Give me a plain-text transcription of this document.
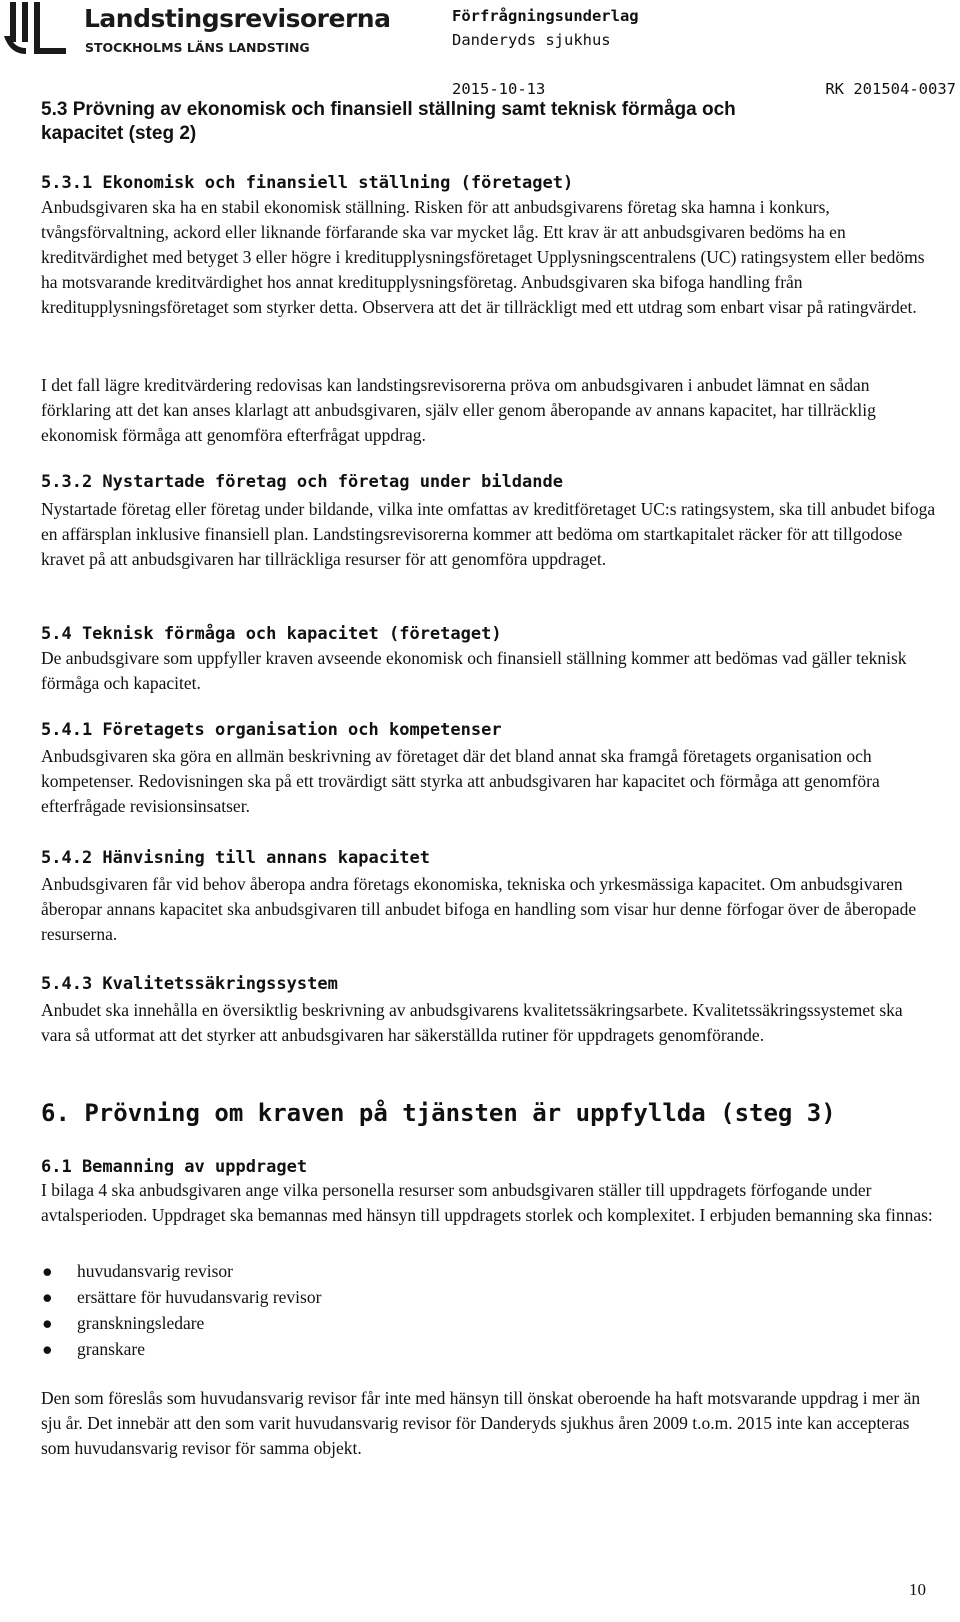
Landstingsrevisorerna
STOCKHOLMS LÄNS LANDSTING
Förfrågningsunderlag
Danderyds sjukhus
2015-10-13	RK 201504-0037
5.3 Prövning av ekonomisk och finansiell ställning samt teknisk förmåga och
kapacitet (steg 2)
5.3.1 Ekonomisk och finansiell ställning (företaget)

Anbudsgivaren ska ha en stabil ekonomisk ställning. Risken för att anbudsgivarens företag ska hamna i konkurs, tvångsförvaltning, ackord eller liknande förfarande ska var mycket låg. Ett krav är att anbudsgivaren bedöms ha en kreditvärdighet med betyget 3 eller högre i kreditupplysningsföretaget Upplysningscentralens (UC) ratingsystem eller bedöms ha motsvarande kreditvärdighet hos annat kreditupplysningsföretag. Anbudsgivaren ska bifoga handling från kreditupplysningsföretaget som styrker detta. Observera att det är tillräckligt med ett utdrag som enbart visar på ratingvärdet.

I det fall lägre kreditvärdering redovisas kan landstingsrevisorerna pröva om anbudsgivaren i anbudet lämnat en sådan förklaring att det kan anses klarlagt att anbudsgivaren, själv eller genom åberopande av annans kapacitet, har tillräcklig ekonomisk förmåga att genomföra efterfrågat uppdrag.

5.3.2 Nystartade företag och företag under bildande

Nystartade företag eller företag under bildande, vilka inte omfattas av kreditföretaget UC:s ratingsystem, ska till anbudet bifoga en affärsplan inklusive finansiell plan. Landstingsrevisorerna kommer att bedöma om startkapitalet räcker för att tillgodose kravet på att anbudsgivaren har tillräckliga resurser för att genomföra uppdraget.

5.4 Teknisk förmåga och kapacitet (företaget)

De anbudsgivare som uppfyller kraven avseende ekonomisk och finansiell ställning kommer att bedömas vad gäller teknisk förmåga och kapacitet.

5.4.1 Företagets organisation och kompetenser

Anbudsgivaren ska göra en allmän beskrivning av företaget där det bland annat ska framgå företagets organisation och kompetenser. Redovisningen ska på ett trovärdigt sätt styrka att anbudsgivaren har kapacitet och förmåga att genomföra efterfrågade revisionsinsatser.

5.4.2 Hänvisning till annans kapacitet

Anbudsgivaren får vid behov åberopa andra företags ekonomiska, tekniska och yrkesmässiga kapacitet. Om anbudsgivaren åberopar annans kapacitet ska anbudsgivaren till anbudet bifoga en handling som visar hur denne förfogar över de åberopade resurserna.

5.4.3 Kvalitetssäkringssystem

Anbudet ska innehålla en översiktlig beskrivning av anbudsgivarens kvalitetssäkringsarbete. Kvalitetssäkringssystemet ska vara så utformat att det styrker att anbudsgivaren har säkerställda rutiner för uppdragets genomförande.

6. Prövning om kraven på tjänsten är uppfyllda (steg 3)
6.1 Bemanning av uppdraget

I bilaga 4 ska anbudsgivaren ange vilka personella resurser som anbudsgivaren ställer till uppdragets förfogande under avtalsperioden. Uppdraget ska bemannas med hänsyn till uppdragets storlek och komplexitet. I erbjuden bemanning ska finnas:

●	huvudansvarig revisor
●	ersättare för huvudansvarig revisor
●	granskningsledare
●	granskare

Den som föreslås som huvudansvarig revisor får inte med hänsyn till önskat oberoende ha haft motsvarande uppdrag i mer än sju år. Det innebär att den som varit huvudansvarig revisor för Danderyds sjukhus åren 2009 t.o.m. 2015 inte kan accepteras som huvudansvarig revisor för samma objekt.

10
